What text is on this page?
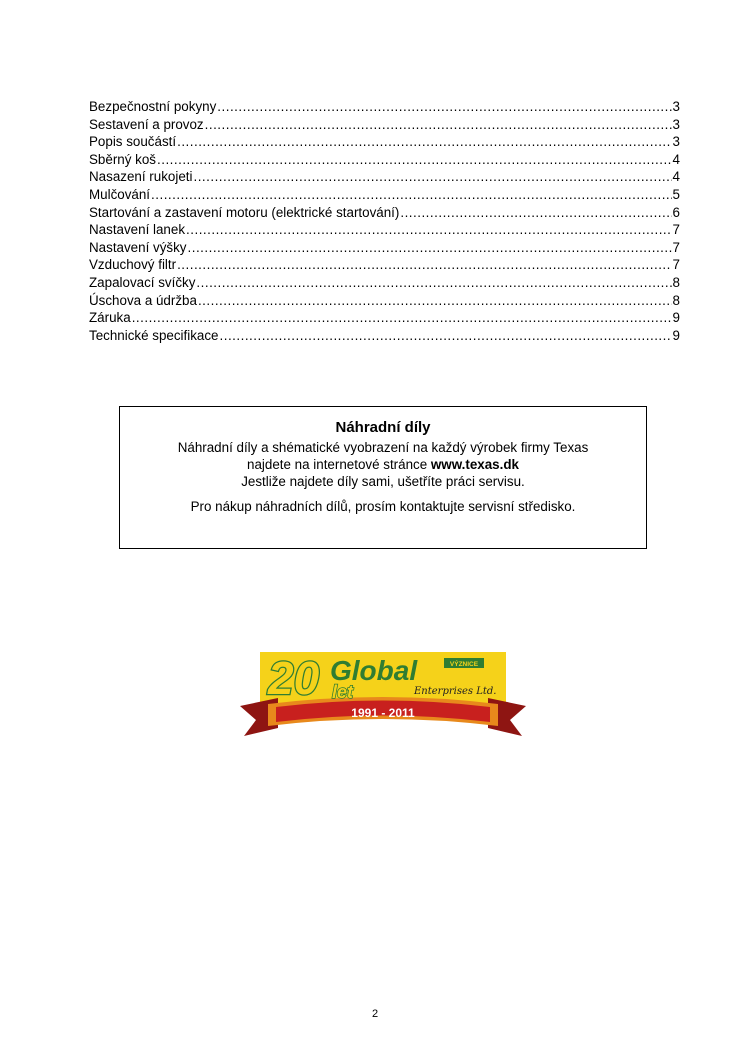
Bezpečnostní pokyny .....	3
Sestavení a provoz .....	3
Popis součástí .....	3
Sběrný koš .....	4
Nasazení rukojeti .....	4
Mulčování .....	5
Startování a zastavení motoru (elektrické startování) .....	6
Nastavení lanek .....	7
Nastavení výšky .....	7
Vzduchový filtr .....	7
Zapalovací svíčky .....	8
Úschova a údržba .....	8
Záruka .....	9
Technické specifikace .....	9
Náhradní díly
Náhradní díly a shématické vyobrazení na každý výrobek firmy Texas
najdete na internetové stránce www.texas.dk
Jestliže najdete díly sami, ušetříte práci servisu.
Pro nákup náhradních dílů, prosím kontaktujte servisní středisko.
20 Global	VÝZNICE
let	Enterprises Ltd.
1991 - 2011
2
